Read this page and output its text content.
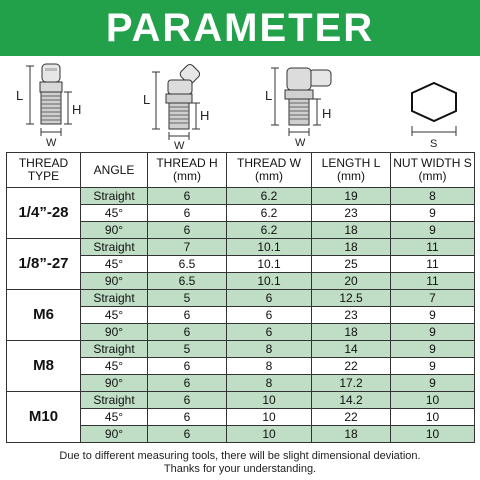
PARAMETER
L
H
W
L
H
W
L
H
W	S
THREAD TYPE	ANGLE	THREAD H (mm)	THREAD W (mm)	LENGTH L (mm)	NUT WIDTH S (mm)
1/4”-28	Straight	6	6.2	19	8
	45°	6	6.2	23	9
	90°	6	6.2	18	9
1/8”-27	Straight	7	10.1	18	11
	45°	6.5	10.1	25	11
	90°	6.5	10.1	20	11
M6	Straight	5	6	12.5	7
	45°	6	6	23	9
	90°	6	6	18	9
M8	Straight	5	8	14	9
	45°	6	8	22	9
	90°	6	8	17.2	9
M10	Straight	6	10	14.2	10
	45°	6	10	22	10
	90°	6	10	18	10
Due to different measuring tools, there will be slight dimensional deviation.
Thanks for your understanding.
